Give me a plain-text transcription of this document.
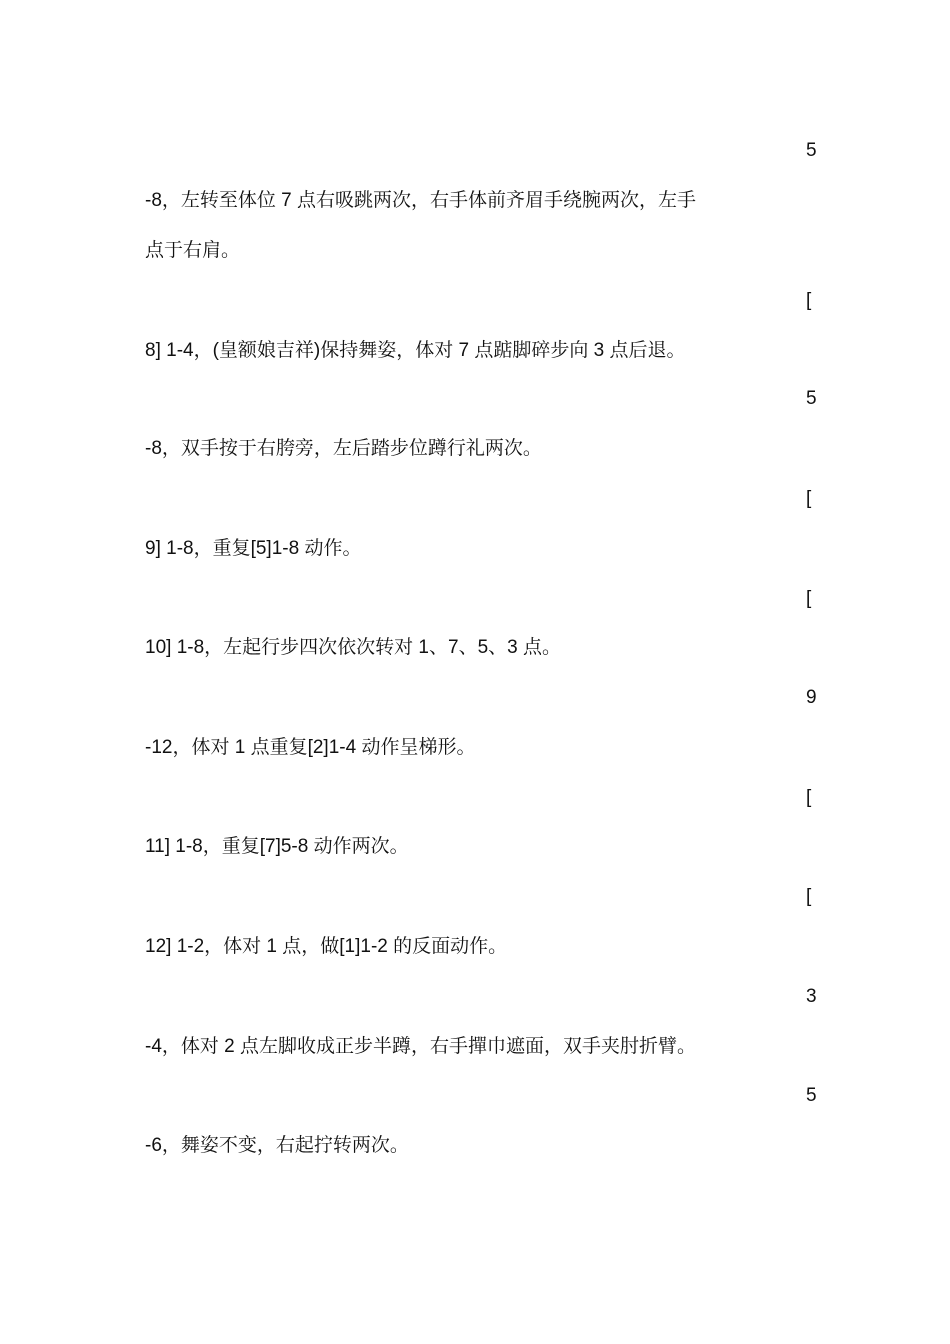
5
-8，左转至体位 7 点右吸跳两次，右手体前齐眉手绕腕两次，左手
点于右肩。
[
8] 1-4，(皇额娘吉祥)保持舞姿，体对 7 点踮脚碎步向 3 点后退。
5
-8，双手按于右胯旁，左后踏步位蹲行礼两次。
[
9] 1-8，重复[5]1-8 动作。
[
10] 1-8，左起行步四次依次转对 1、7、5、3 点。
9
-12，体对 1 点重复[2]1-4 动作呈梯形。
[
11] 1-8，重复[7]5-8 动作两次。
[
12] 1-2，体对 1 点，做[1]1-2 的反面动作。
3
-4，体对 2 点左脚收成正步半蹲，右手撣巾遮面，双手夹肘折臂。
5
-6，舞姿不变，右起拧转两次。
